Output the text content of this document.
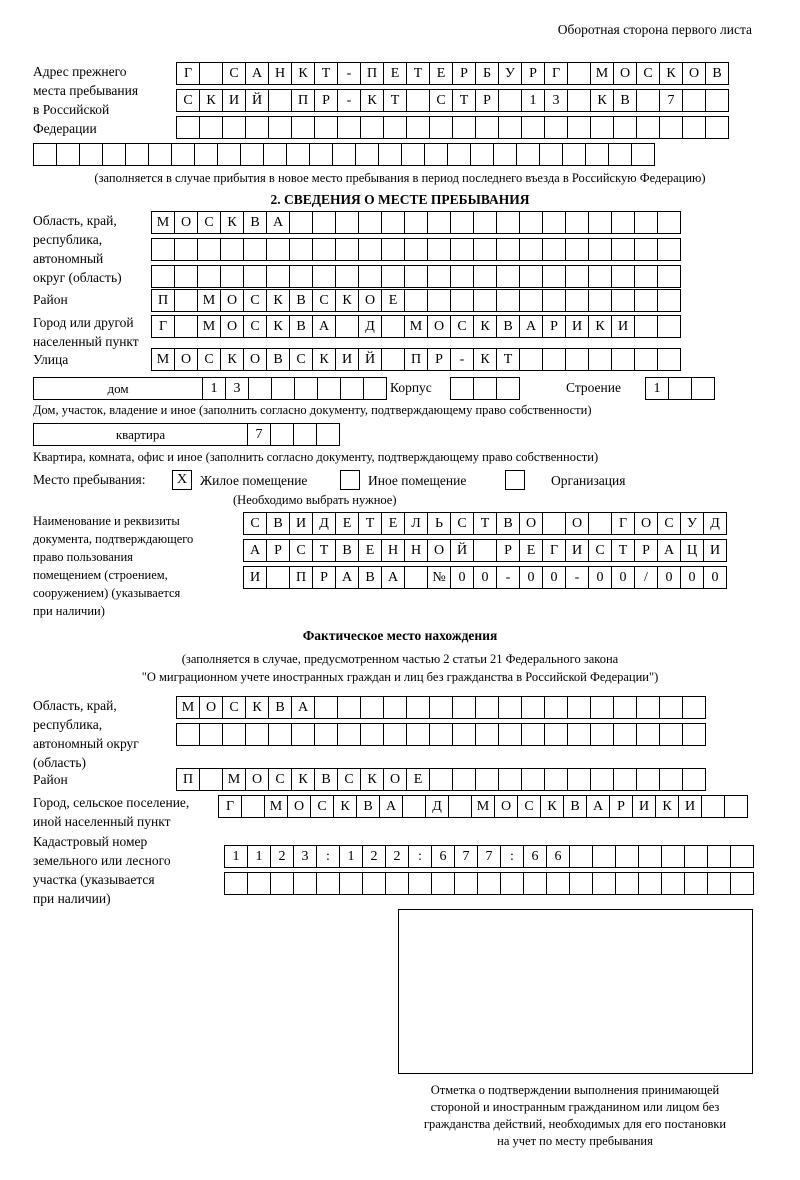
Оборотная сторона первого листа
Адрес прежнего
места пребывания
в Российской
Федерации
Г	С А Н К	Т	-	П Е	Т	Е	Р	Б	У	Р	Г	М О С К О В
С К И Й	П	Р	-	К	Т	С	Т	Р	1	3	К В	7
(заполняется в случае прибытия в новое место пребывания в период последнего въезда в Российскую Федерацию)
2. СВЕДЕНИЯ О МЕСТЕ ПРЕБЫВАНИЯ
Область, край,
республика,
автономный
округ (область)
М О С К В А
Район	П	М О С К В С К О Е
Город или другой
населенный пункт
Г	М О С К В А	Д	М О С К В А	Р	И К И
Улица	М О С К О В С К И Й	П	Р	-	К	Т
дом	1	3	Корпус	Строение	1
Дом, участок, владение и иное (заполнить согласно документу, подтверждающему право собственности)
квартира	7
Квартира, комната, офис и иное (заполнить согласно документу, подтверждающему право собственности)
Место пребывания:	X Жилое помещение	Иное помещение	Организация
(Необходимо выбрать нужное)
Наименование и реквизиты
документа, подтверждающего
право пользования
помещением (строением,
сооружением) (указывается
при наличии)
С В И Д Е	Т	Е Л	Ь	С	Т	В О	О	Г О С У Д
А	Р	С	Т	В	Е Н Н О Й	Р	Е	Г И С	Т	Р	А Ц И
И	П	Р	А В А	№ 0	0	-	0	0	-	0	0	/	0	0	0
Фактическое место нахождения
(заполняется в случае, предусмотренном частью 2 статьи 21 Федерального закона
"О миграционном учете иностранных граждан и лиц без гражданства в Российской Федерации")
Область, край,
республика,
автономный округ
(область)
М О С К В А
Район	П	М О С К В С К О Е
Город, сельское поселение,
иной населенный пункт
Г	М О С К В А	Д	М О С К В А	Р	И К И
Кадастровый номер
земельного или лесного
участка (указывается
при наличии)
1	1	2	3	:	1	2	2	:	6	7	7	:	6	6
Отметка о подтверждении выполнения принимающей
стороной и иностранным гражданином или лицом без
гражданства действий, необходимых для его постановки
на учет по месту пребывания
